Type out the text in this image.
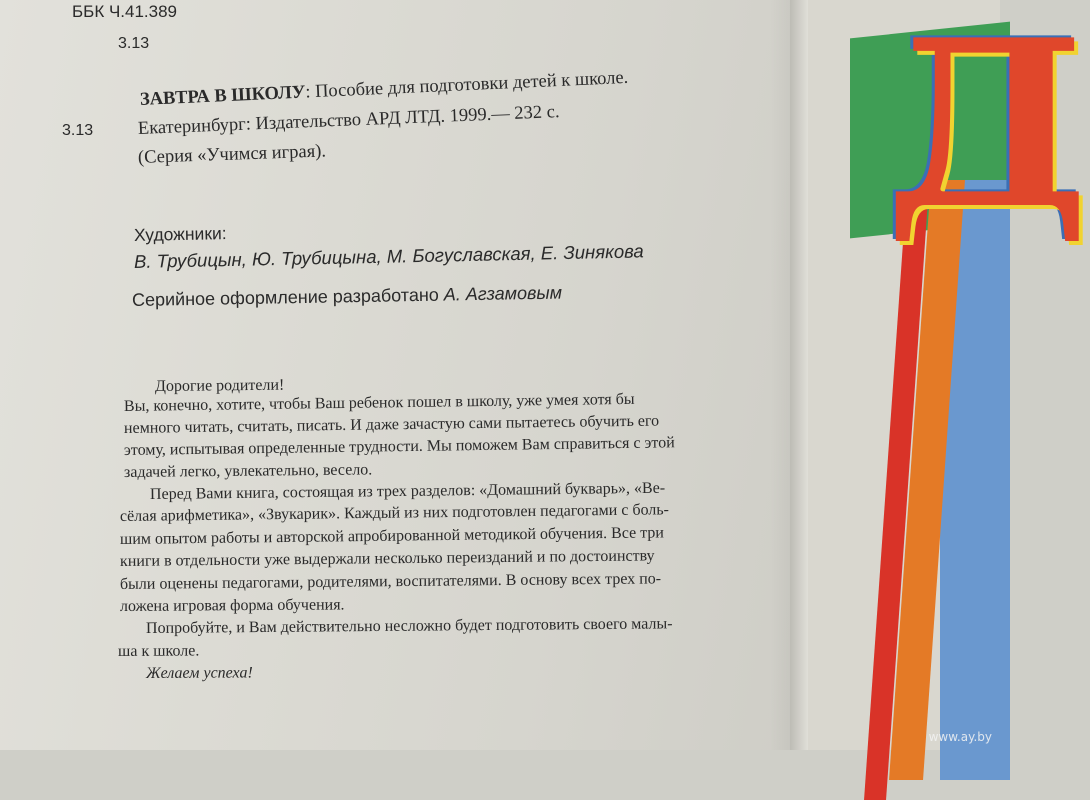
ББК Ч.41.389
3.13
3.13
ЗАВТРА В ШКОЛУ: Пособие для подготовки детей к школе.
Екатеринбург: Издательство АРД ЛТД. 1999.— 232 с.
(Серия «Учимся играя).
Художники:
В. Трубицын, Ю. Трубицына, М. Богуславская, Е. Зинякова
Серийное оформление разработано А. Агзамовым
Дорогие родители!
Вы, конечно, хотите, чтобы Ваш ребенок пошел в школу, уже умея хотя бы
немного читать, считать, писать. И даже зачастую сами пытаетесь обучить его
этому, испытывая определенные трудности. Мы поможем Вам справиться с этой
задачей легко, увлекательно, весело.
Перед Вами книга, состоящая из трех разделов: «Домашний букварь», «Ве-
сёлая арифметика», «Звукарик». Каждый из них подготовлен педагогами с боль-
шим опытом работы и авторской апробированной методикой обучения. Все три
книги в отдельности уже выдержали несколько переизданий и по достоинству
были оценены педагогами, родителями, воспитателями. В основу всех трех по-
ложена игровая форма обучения.
Попробуйте, и Вам действительно несложно будет подготовить своего малы-
ша к школе.
Желаем успеха!
Д
www.ay.by
